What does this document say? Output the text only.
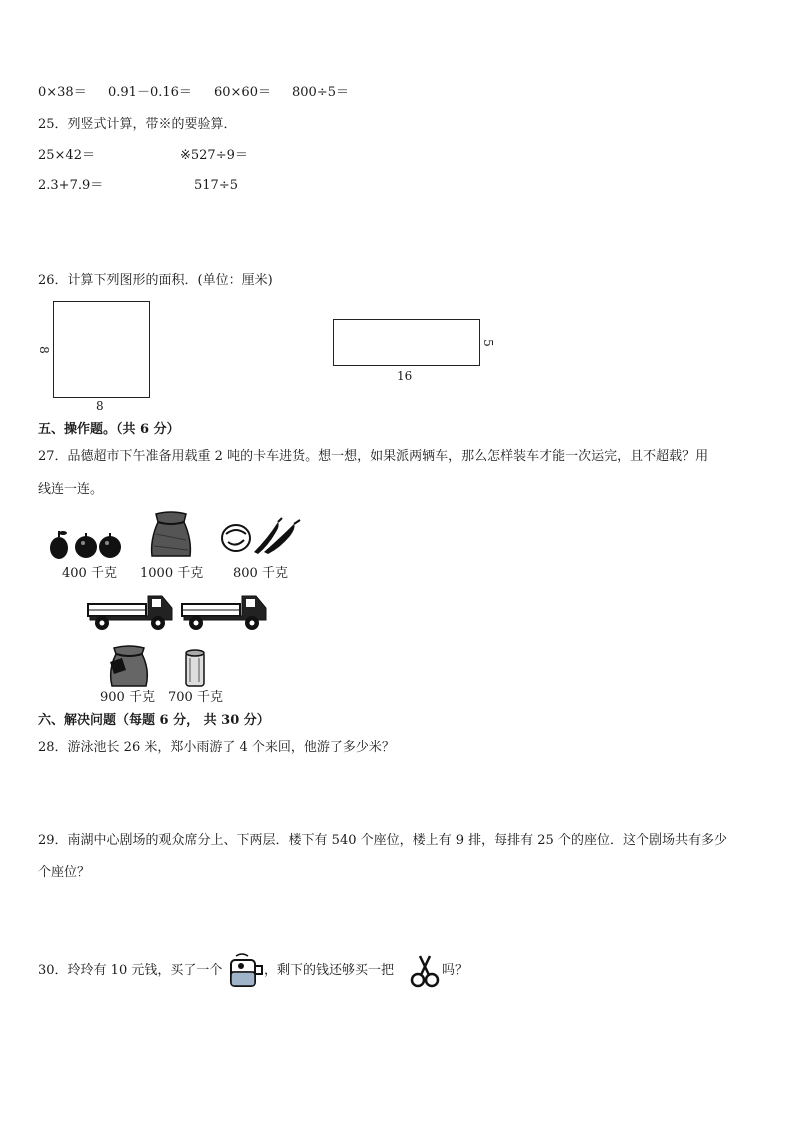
0×38＝ 0.91－0.16＝ 60×60＝ 800÷5＝
25．列竖式计算，带※的要验算．
25×42＝	※527÷9＝
2.3+7.9＝	517÷5
26．计算下列图形的面积．(单位：厘米)
8
8
5
16
五、操作题。（共 6 分）
27．品德超市下午准备用载重 2 吨的卡车进货。想一想，如果派两辆车，那么怎样装车才能一次运完，且不超载？用
线连一连。
400 千克 1000 千克 800 千克
900 千克 700 千克
六、解决问题（每题 6 分， 共 30 分）
28．游泳池长 26 米，郑小雨游了 4 个来回，他游了多少米？
29．南湖中心剧场的观众席分上、下两层．楼下有 540 个座位，楼上有 9 排，每排有 25 个的座位．这个剧场共有多少
个座位？
30．玲玲有 10 元钱，买了一个	，剩下的钱还够买一把	吗？
